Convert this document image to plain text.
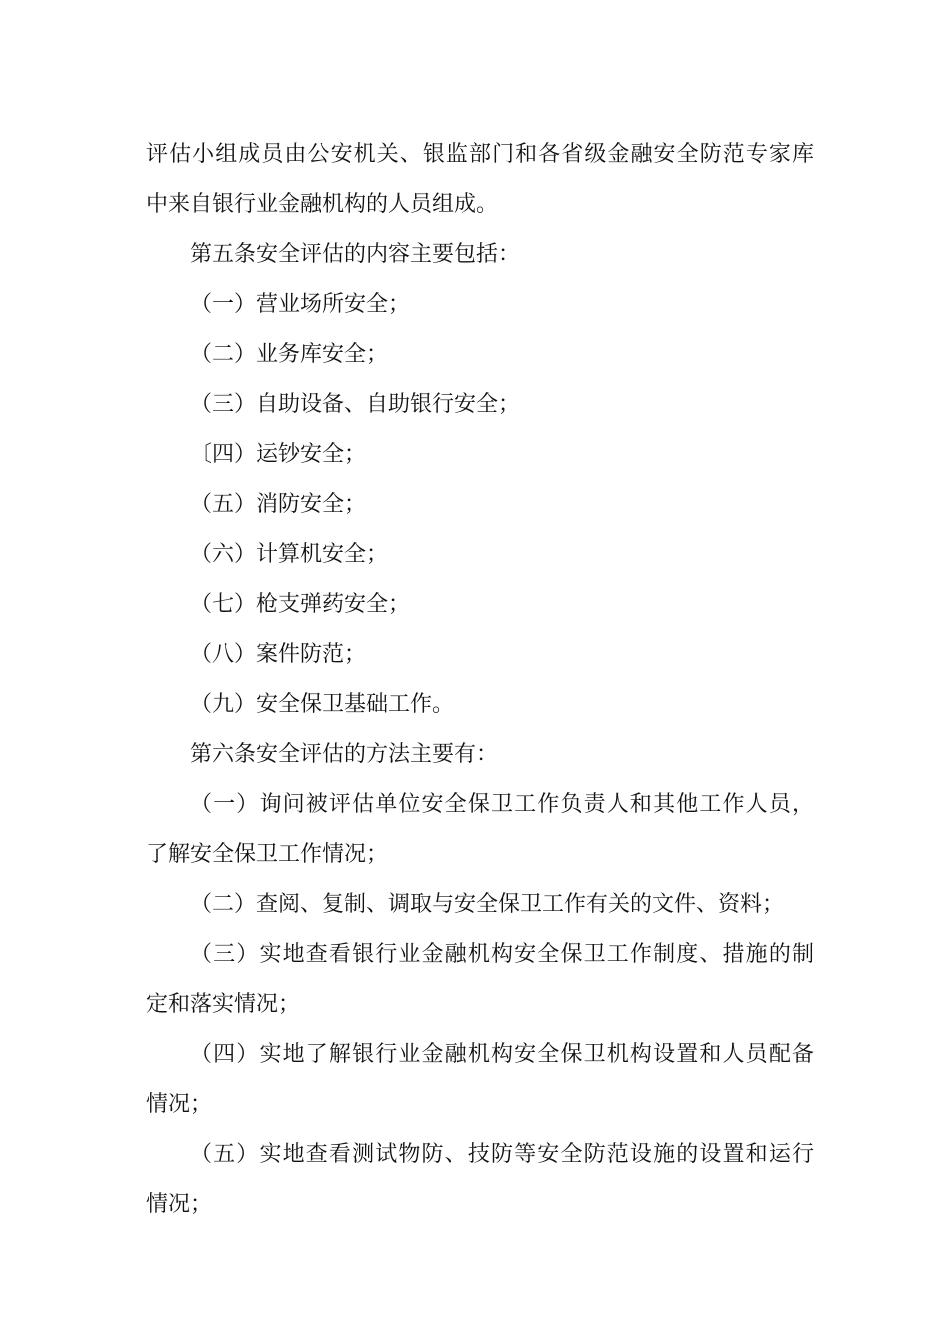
评估小组成员由公安机关、银监部门和各省级金融安全防范专家库
中来自银行业金融机构的人员组成。
第五条安全评估的内容主要包括：
（一）营业场所安全；
（二）业务库安全；
（三）自助设备、自助银行安全；
〔四）运钞安全；
（五）消防安全；
（六）计算机安全；
（七）枪支弹药安全；
（八）案件防范；
（九）安全保卫基础工作。
第六条安全评估的方法主要有：
（一）询问被评估单位安全保卫工作负责人和其他工作人员，
了解安全保卫工作情况；
（二）查阅、复制、调取与安全保卫工作有关的文件、资料；
（三）实地查看银行业金融机构安全保卫工作制度、措施的制
定和落实情况；
（四）实地了解银行业金融机构安全保卫机构设置和人员配备
情况；
（五）实地查看测试物防、技防等安全防范设施的设置和运行
情况；
